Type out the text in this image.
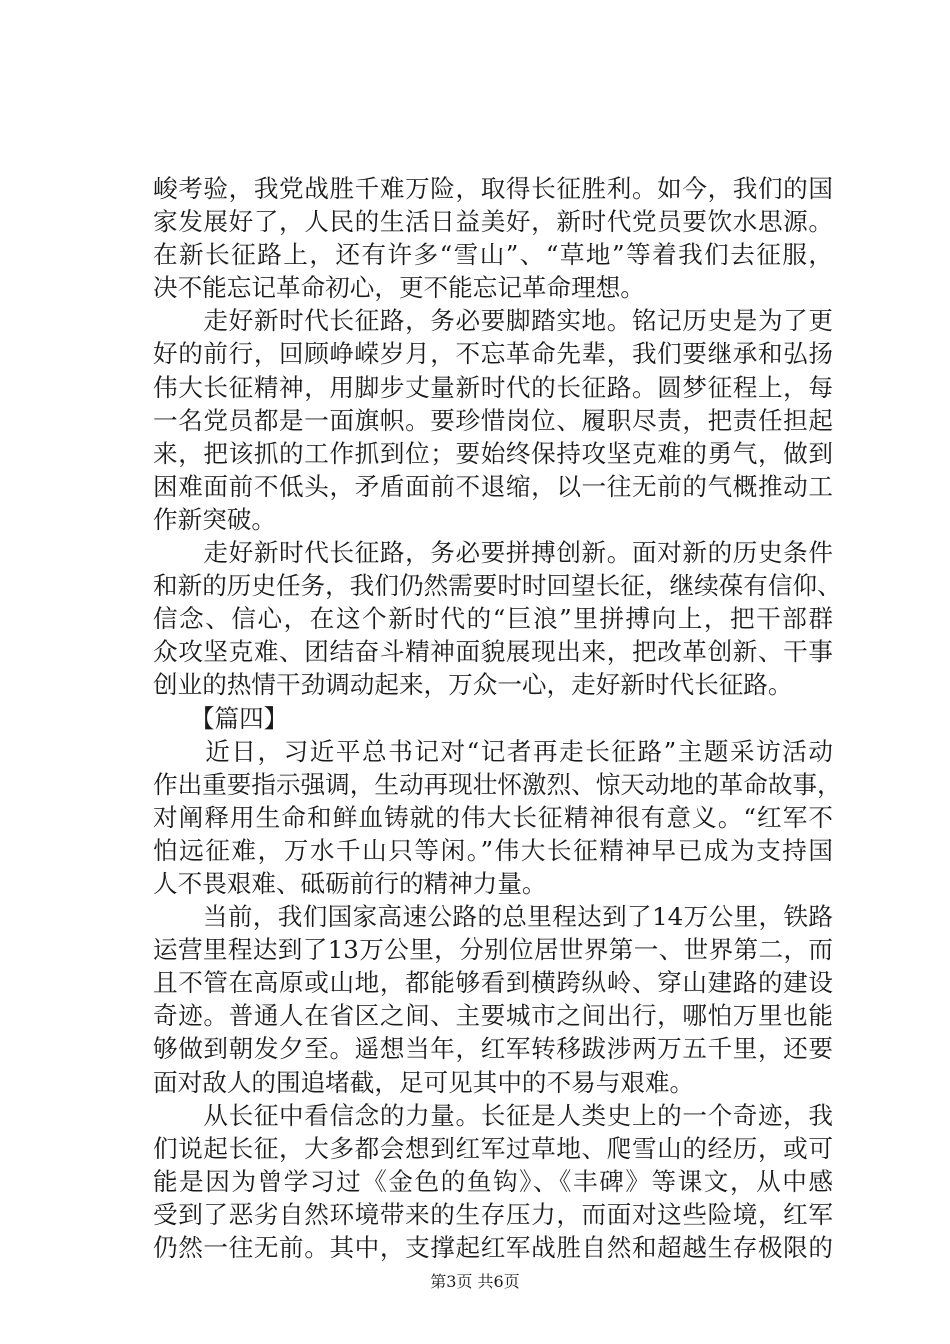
峻考验，我党战胜千难万险，取得长征胜利。如今，我们的国
家发展好了，人民的生活日益美好，新时代党员要饮水思源。
在新长征路上，还有许多“雪山”、“草地”等着我们去征服，
决不能忘记革命初心，更不能忘记革命理想。
　　走好新时代长征路，务必要脚踏实地。铭记历史是为了更
好的前行，回顾峥嵘岁月，不忘革命先辈，我们要继承和弘扬
伟大长征精神，用脚步丈量新时代的长征路。圆梦征程上，每
一名党员都是一面旗帜。要珍惜岗位、履职尽责，把责任担起
来，把该抓的工作抓到位；要始终保持攻坚克难的勇气，做到
困难面前不低头，矛盾面前不退缩，以一往无前的气概推动工
作新突破。
　　走好新时代长征路，务必要拼搏创新。面对新的历史条件
和新的历史任务，我们仍然需要时时回望长征，继续葆有信仰、
信念、信心，在这个新时代的“巨浪”里拼搏向上，把干部群
众攻坚克难、团结奋斗精神面貌展现出来，把改革创新、干事
创业的热情干劲调动起来，万众一心，走好新时代长征路。
　　【篇四】
　　近日，习近平总书记对“记者再走长征路”主题采访活动
作出重要指示强调，生动再现壮怀激烈、惊天动地的革命故事，
对阐释用生命和鲜血铸就的伟大长征精神很有意义。“红军不
怕远征难，万水千山只等闲。”伟大长征精神早已成为支持国
人不畏艰难、砥砺前行的精神力量。
　　当前，我们国家高速公路的总里程达到了14万公里，铁路
运营里程达到了13万公里，分别位居世界第一、世界第二，而
且不管在高原或山地，都能够看到横跨纵岭、穿山建路的建设
奇迹。普通人在省区之间、主要城市之间出行，哪怕万里也能
够做到朝发夕至。遥想当年，红军转移跋涉两万五千里，还要
面对敌人的围追堵截，足可见其中的不易与艰难。
　　从长征中看信念的力量。长征是人类史上的一个奇迹，我
们说起长征，大多都会想到红军过草地、爬雪山的经历，或可
能是因为曾学习过《金色的鱼钩》、《丰碑》等课文，从中感
受到了恶劣自然环境带来的生存压力，而面对这些险境，红军
仍然一往无前。其中，支撑起红军战胜自然和超越生存极限的
第3页 共6页
